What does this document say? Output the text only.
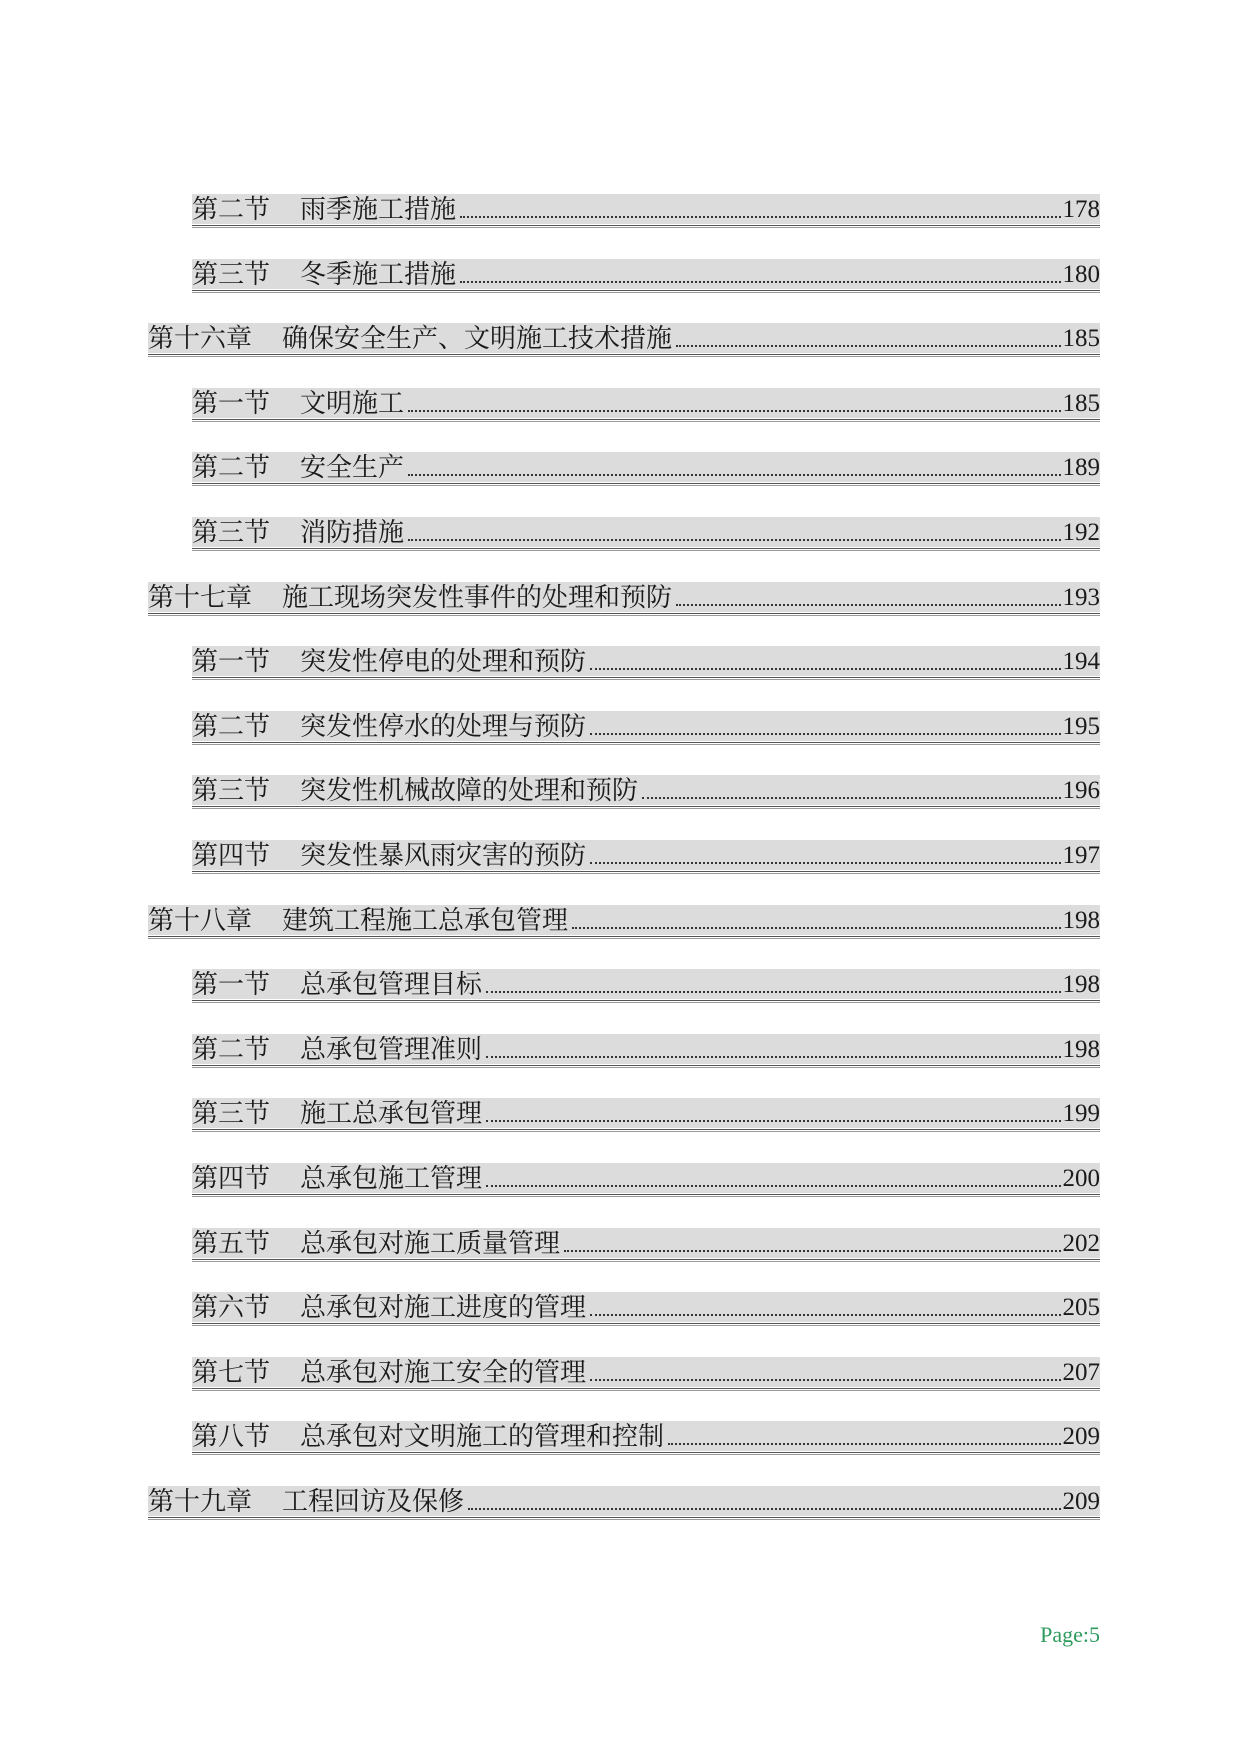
第二节 雨季施工措施	178
第三节 冬季施工措施	180
第十六章 确保安全生产、文明施工技术措施	185
第一节 文明施工	185
第二节 安全生产	189
第三节 消防措施	192
第十七章 施工现场突发性事件的处理和预防	193
第一节 突发性停电的处理和预防	194
第二节 突发性停水的处理与预防	195
第三节 突发性机械故障的处理和预防	196
第四节 突发性暴风雨灾害的预防	197
第十八章 建筑工程施工总承包管理	198
第一节 总承包管理目标	198
第二节 总承包管理准则	198
第三节 施工总承包管理	199
第四节 总承包施工管理	200
第五节 总承包对施工质量管理	202
第六节 总承包对施工进度的管理	205
第七节 总承包对施工安全的管理	207
第八节 总承包对文明施工的管理和控制	209
第十九章 工程回访及保修	209
Page:5
